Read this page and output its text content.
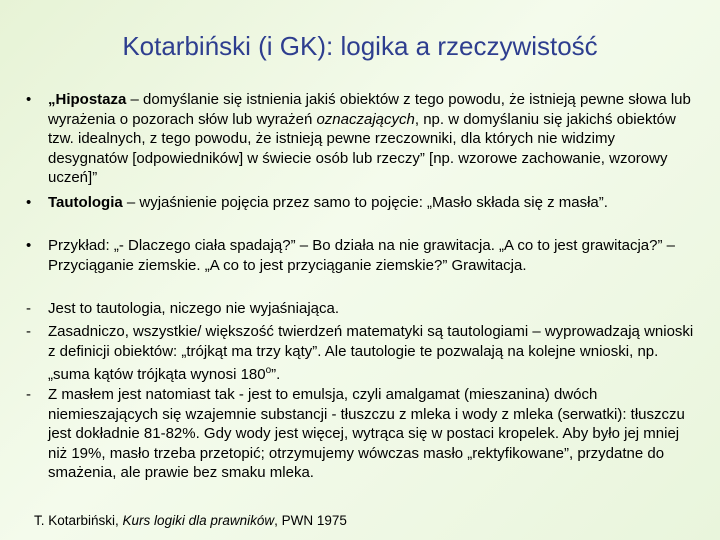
Kotarbiński (i GK): logika a rzeczywistość
•	„Hipostaza – domyślanie się istnienia jakiś obiektów z tego powodu, że istnieją pewne słowa lub wyrażenia o pozorach słów lub wyrażeń oznaczających, np. w domyślaniu się jakichś obiektów tzw. idealnych, z tego powodu, że istnieją pewne rzeczowniki, dla których nie widzimy desygnatów [odpowiedników] w świecie osób lub rzeczy” [np. wzorowe zachowanie, wzorowy uczeń]”
•	Tautologia – wyjaśnienie pojęcia przez samo to pojęcie: „Masło składa się z masła”.
•	Przykład: „- Dlaczego ciała spadają?” – Bo działa na nie grawitacja. „A co to jest grawitacja?” – Przyciąganie ziemskie. „A co to jest przyciąganie ziemskie?” Grawitacja.
-	Jest to tautologia, niczego nie wyjaśniająca.
-	Zasadniczo, wszystkie/ większość twierdzeń matematyki są tautologiami – wyprowadzają wnioski z definicji obiektów: „trójkąt ma trzy kąty”. Ale tautologie te pozwalają na kolejne wnioski, np. „suma kątów trójkąta wynosi 180$^o$”.
-	Z masłem jest natomiast tak - jest to emulsja, czyli amalgamat (mieszanina) dwóch niemieszających się wzajemnie substancji - tłuszczu z mleka i wody z mleka (serwatki): tłuszczu jest dokładnie 81-82%. Gdy wody jest więcej, wytrąca się w postaci kropelek. Aby było jej mniej niż 19%, masło trzeba przetopić; otrzymujemy wówczas masło „rektyfikowane”, przydatne do smażenia, ale prawie bez smaku mleka.
T. Kotarbiński, Kurs logiki dla prawników, PWN 1975
